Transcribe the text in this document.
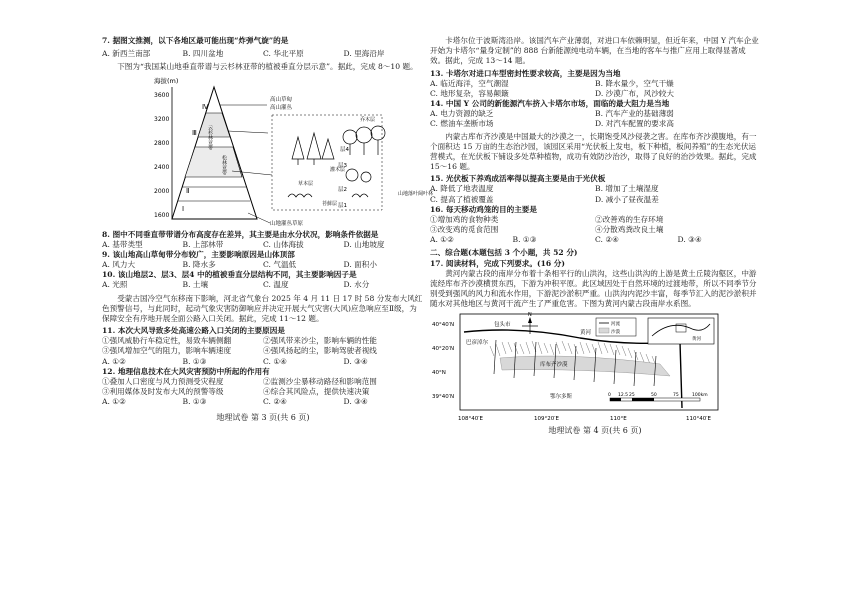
7. 据图文推测，以下各地区最可能出现“炸弹气旋”的是
A. 新西兰南部	B. 四川盆地	C. 华北平原	D. 里海沿岸
下图为“我国某山地垂直带谱与云杉林亚带的植被垂直分层示意”。据此，完成 8～10 题。
海拔(m)
3600
3200
2800
2400
2000
1600
Ⅳ
Ⅲ
Ⅱ
Ⅰ
云杉林亚带
松林亚带
高山草甸
高山灌丛
山地灌丛草原
乔木层
灌木层
草本层
苔藓层
山地落叶阔叶林
层4
层3
层2
层1
8. 图中不同垂直带带谱分布高度存在差异，其主要是由水分状况，影响条件依据是
A. 基带类型	B. 上部林带	C. 山体海拔	D. 山地坡度
9. 该山地高山草甸带分布较广，主要影响原因是山体顶部
A. 风力大	B. 降水多	C. 气温低	D. 面积小
10. 该山地层2、层3、层4 中的植被垂直分层结构不同，其主要影响因子是
A. 光照	B. 土壤	C. 温度	D. 水分
受蒙古国冷空气东移南下影响，河北省气象台 2025 年 4 月 11 日 17 时 58 分发布大风红色预警信号，与此同时，起动气象灾害防御响应并决定开展大气灾害(大风)应急响应至Ⅱ级，为保障安全有序地开展全面公路入口关闭。据此，完成 11～12 题。
11. 本次大风导致多处高速公路入口关闭的主要原因是
①强风威胁行车稳定性，易致车辆侧翻	②强风带来沙尘，影响车辆的性能
③强风增加空气的阻力，影响车辆速度	④强风扬起的尘，影响驾驶者视线
A. ①②	B. ①③	C. ①④	D. ③④
12. 地理信息技术在大风灾害预防中所起的作用有
①叠加人口密度与风力预测受灾程度	②监测沙尘暴移动路径和影响范围
③利用媒体及时发布大风的预警等级	④综合其风险点，提供快速决策
A. ①②	B. ①③	C. ②④	D. ③④
地理试卷 第 3 页(共 6 页)
卡塔尔位于波斯湾沿岸。该国汽车产业薄弱，对进口车依赖明显，但近年来，中国 Y 汽车企业开始为卡塔尔“量身定制”的 888 台新能源纯电动车辆，在当地的客车与推广应用上取得显著成效。据此，完成 13～14 题。
13. 卡塔尔对进口车型密封性要求较高，主要是因为当地
A. 临近海洋，空气潮湿	B. 降水量少，空气干燥
C. 地形复杂，容易颠簸	D. 沙漠广布，风沙较大
14. 中国 Y 公司的新能源汽车挤入卡塔尔市场，面临的最大阻力是当地
A. 电力资源的缺乏	B. 汽车产业的基础薄弱
C. 燃油车垄断市场	D. 对汽车配置的要求高
内蒙古库布齐沙漠是中国最大的沙漠之一，长期饱受风沙侵袭之害。在库布齐沙漠腹地，有一个面积达 15 万亩的生态治沙园，该园区采用“光伏板上发电，板下种植，板间养殖”的生态光伏运营模式，在光伏板下铺设多处草种植物，成功有效防沙治沙，取得了良好的治沙效果。据此，完成 15～16 题。
15. 光伏板下养鸡成活率得以提高主要是由于光伏板
A. 降低了地表温度	B. 增加了土壤湿度
C. 提高了植被覆盖	D. 减小了昼夜温差
16. 每天移动鸡笼的目的主要是
①增加鸡的食物种类	②改善鸡的生存环境
③改变鸡的觅食范围	④分散鸡粪改良土壤
A. ①②	B. ①③	C. ②④	D. ③④
二、综合题(本题包括 3 个小题，共 52 分)
17. 阅读材料，完成下列要求。(16 分)
黄河内蒙古段的南岸分布着十条相平行的山洪沟，这些山洪沟的上游是黄土丘陵沟壑区，中游流经库布齐沙漠横贯东西，下游为冲积平原。此区域因处于自然环境的过渡地带，所以不同季节分别受到强风的风力和流水作用，下游泥沙淤积严重。山洪沟内泥沙丰富，每季节汇入的泥沙淤积并随水对其他地区与黄河干流产生了严重危害。下图为黄河内蒙古段南岸水系图。
包头市
黄河
巴彦淖尔
库布齐沙漠
鄂尔多斯
N
河流
沙漠
黄河
40°40′N
40°20′N
40°N
39°40′N
108°40′E	109°20′E	110°E	110°40′E
0 12.5 25	50	75	100km
地理试卷 第 4 页(共 6 页)
